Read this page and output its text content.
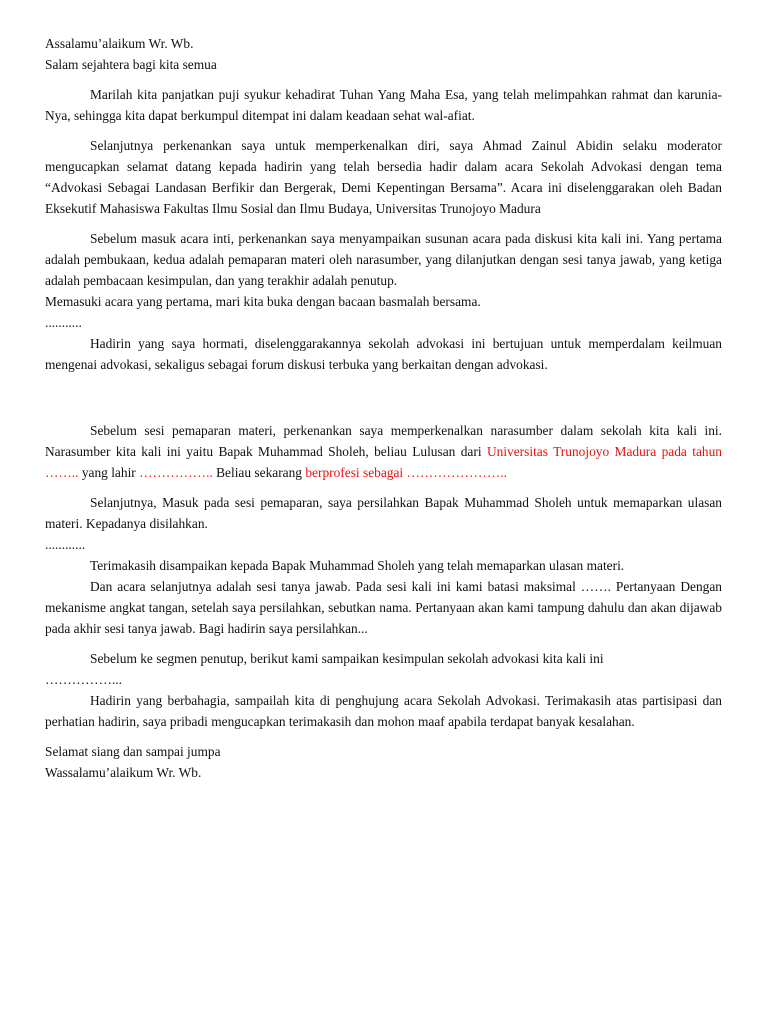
Assalamu’alaikum Wr. Wb.
Salam sejahtera bagi kita semua

Marilah kita panjatkan puji syukur kehadirat Tuhan Yang Maha Esa, yang telah melimpahkan rahmat dan karunia-Nya, sehingga kita dapat berkumpul ditempat ini dalam keadaan sehat wal-afiat.

Selanjutnya perkenankan saya untuk memperkenalkan diri, saya Ahmad Zainul Abidin selaku moderator mengucapkan selamat datang kepada hadirin yang telah bersedia hadir dalam acara Sekolah Advokasi dengan tema “Advokasi Sebagai Landasan Berfikir dan Bergerak, Demi Kepentingan Bersama”. Acara ini diselenggarakan oleh Badan Eksekutif Mahasiswa Fakultas Ilmu Sosial dan Ilmu Budaya, Universitas Trunojoyo Madura

Sebelum masuk acara inti, perkenankan saya menyampaikan susunan acara pada diskusi kita kali ini. Yang pertama adalah pembukaan, kedua adalah pemaparan materi oleh narasumber, yang dilanjutkan dengan sesi tanya jawab, yang ketiga adalah pembacaan kesimpulan, dan yang terakhir adalah penutup.

Memasuki acara yang pertama, mari kita buka dengan bacaan basmalah bersama.

...........

Hadirin yang saya hormati, diselenggarakannya sekolah advokasi ini bertujuan untuk memperdalam keilmuan mengenai advokasi, sekaligus sebagai forum diskusi terbuka yang berkaitan dengan advokasi.

Sebelum sesi pemaparan materi, perkenankan saya memperkenalkan narasumber dalam sekolah kita kali ini. Narasumber kita kali ini yaitu Bapak Muhammad Sholeh, beliau Lulusan dari Universitas Trunojoyo Madura pada tahun …….. yang lahir …………….. Beliau sekarang berprofesi sebagai …………………..

Selanjutnya, Masuk pada sesi pemaparan, saya persilahkan Bapak Muhammad Sholeh untuk memaparkan ulasan materi. Kepadanya disilahkan.

............

Terimakasih disampaikan kepada Bapak Muhammad Sholeh yang telah memaparkan ulasan materi.

Dan acara selanjutnya adalah sesi tanya jawab. Pada sesi kali ini kami batasi maksimal ……. Pertanyaan Dengan mekanisme angkat tangan, setelah saya persilahkan, sebutkan nama. Pertanyaan akan kami tampung dahulu dan akan dijawab pada akhir sesi tanya jawab. Bagi hadirin saya persilahkan...

Sebelum ke segmen penutup, berikut kami sampaikan kesimpulan sekolah advokasi kita kali ini

……………...

Hadirin yang berbahagia, sampailah kita di penghujung acara Sekolah Advokasi. Terimakasih atas partisipasi dan perhatian hadirin, saya pribadi mengucapkan terimakasih dan mohon maaf apabila terdapat banyak kesalahan.

Selamat siang dan sampai jumpa
Wassalamu’alaikum Wr. Wb.
